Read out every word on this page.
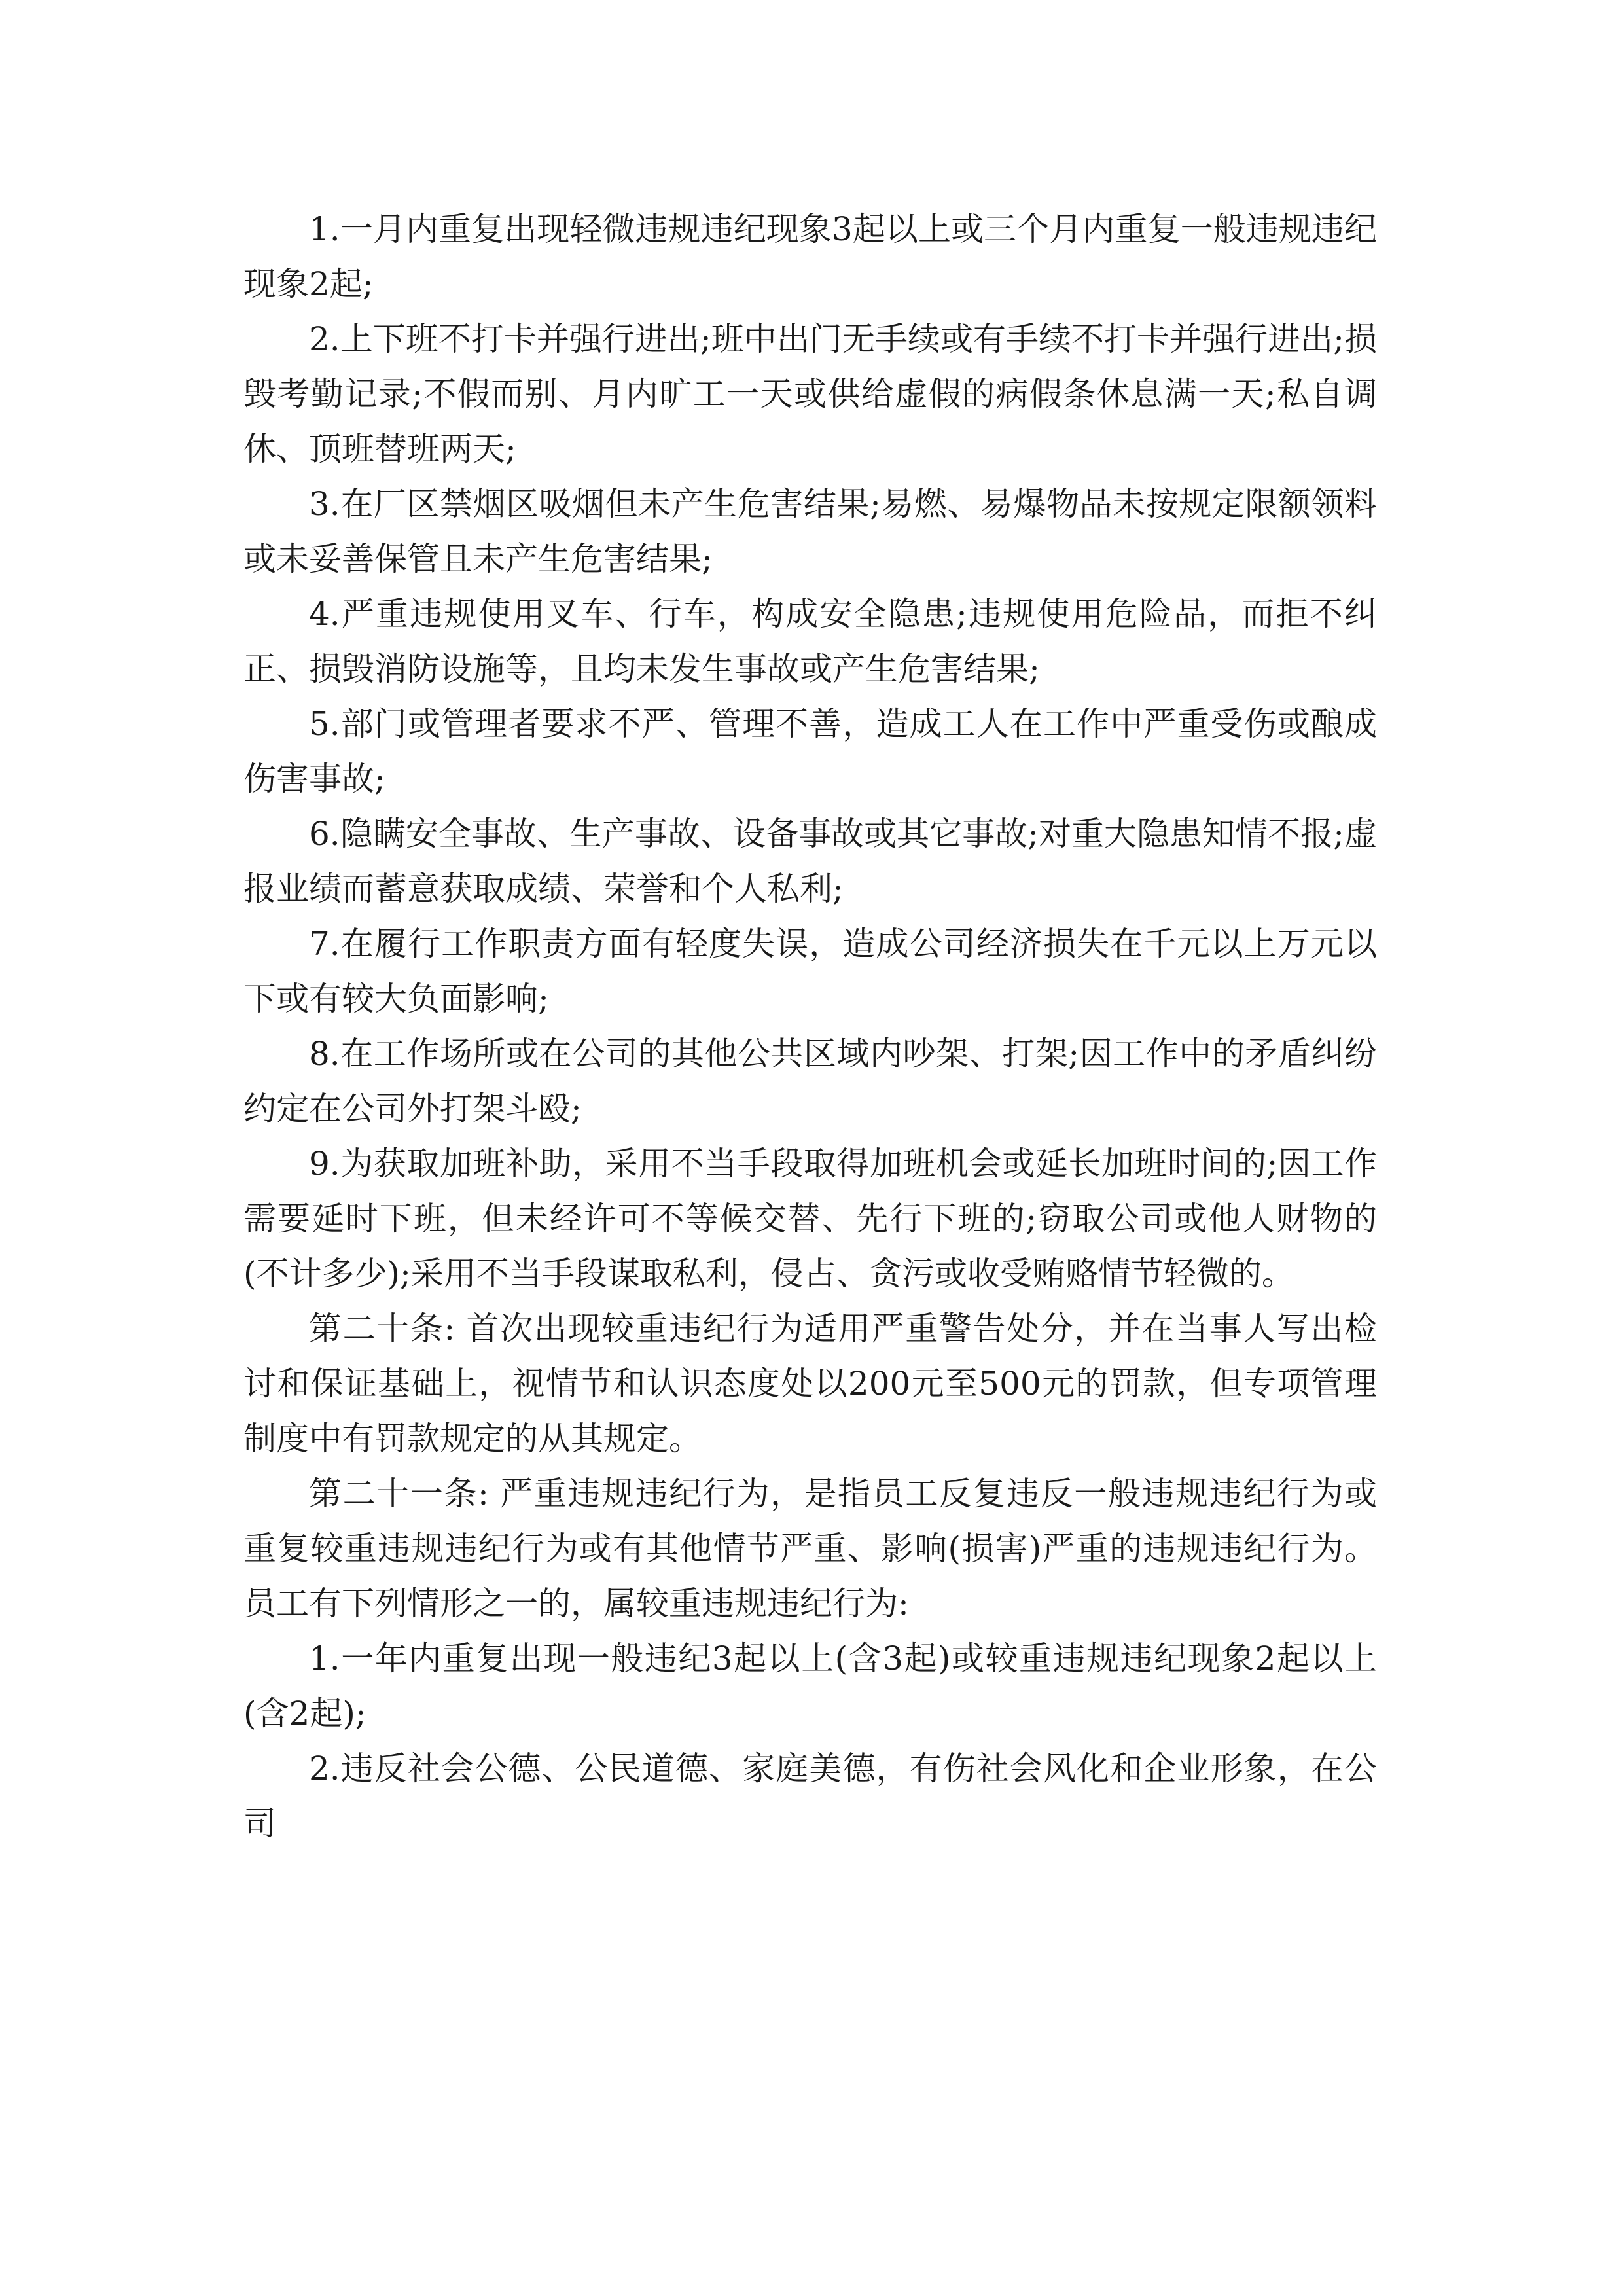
1.一月内重复出现轻微违规违纪现象3起以上或三个月内重复一般违规违纪现象2起;

2.上下班不打卡并强行进出;班中出门无手续或有手续不打卡并强行进出;损毁考勤记录;不假而别、月内旷工一天或供给虚假的病假条休息满一天;私自调休、顶班替班两天;

3.在厂区禁烟区吸烟但未产生危害结果;易燃、易爆物品未按规定限额领料或未妥善保管且未产生危害结果;

4.严重违规使用叉车、行车，构成安全隐患;违规使用危险品，而拒不纠正、损毁消防设施等，且均未发生事故或产生危害结果;

5.部门或管理者要求不严、管理不善，造成工人在工作中严重受伤或酿成伤害事故;

6.隐瞒安全事故、生产事故、设备事故或其它事故;对重大隐患知情不报;虚报业绩而蓄意获取成绩、荣誉和个人私利;

7.在履行工作职责方面有轻度失误，造成公司经济损失在千元以上万元以下或有较大负面影响;

8.在工作场所或在公司的其他公共区域内吵架、打架;因工作中的矛盾纠纷约定在公司外打架斗殴;

9.为获取加班补助，采用不当手段取得加班机会或延长加班时间的;因工作需要延时下班，但未经许可不等候交替、先行下班的;窃取公司或他人财物的(不计多少);采用不当手段谋取私利，侵占、贪污或收受贿赂情节轻微的。

第二十条: 首次出现较重违纪行为适用严重警告处分，并在当事人写出检讨和保证基础上，视情节和认识态度处以200元至500元的罚款，但专项管理制度中有罚款规定的从其规定。

第二十一条: 严重违规违纪行为，是指员工反复违反一般违规违纪行为或重复较重违规违纪行为或有其他情节严重、影响(损害)严重的违规违纪行为。员工有下列情形之一的，属较重违规违纪行为:

1.一年内重复出现一般违纪3起以上(含3起)或较重违规违纪现象2起以上(含2起);

2.违反社会公德、公民道德、家庭美德，有伤社会风化和企业形象，在公司
